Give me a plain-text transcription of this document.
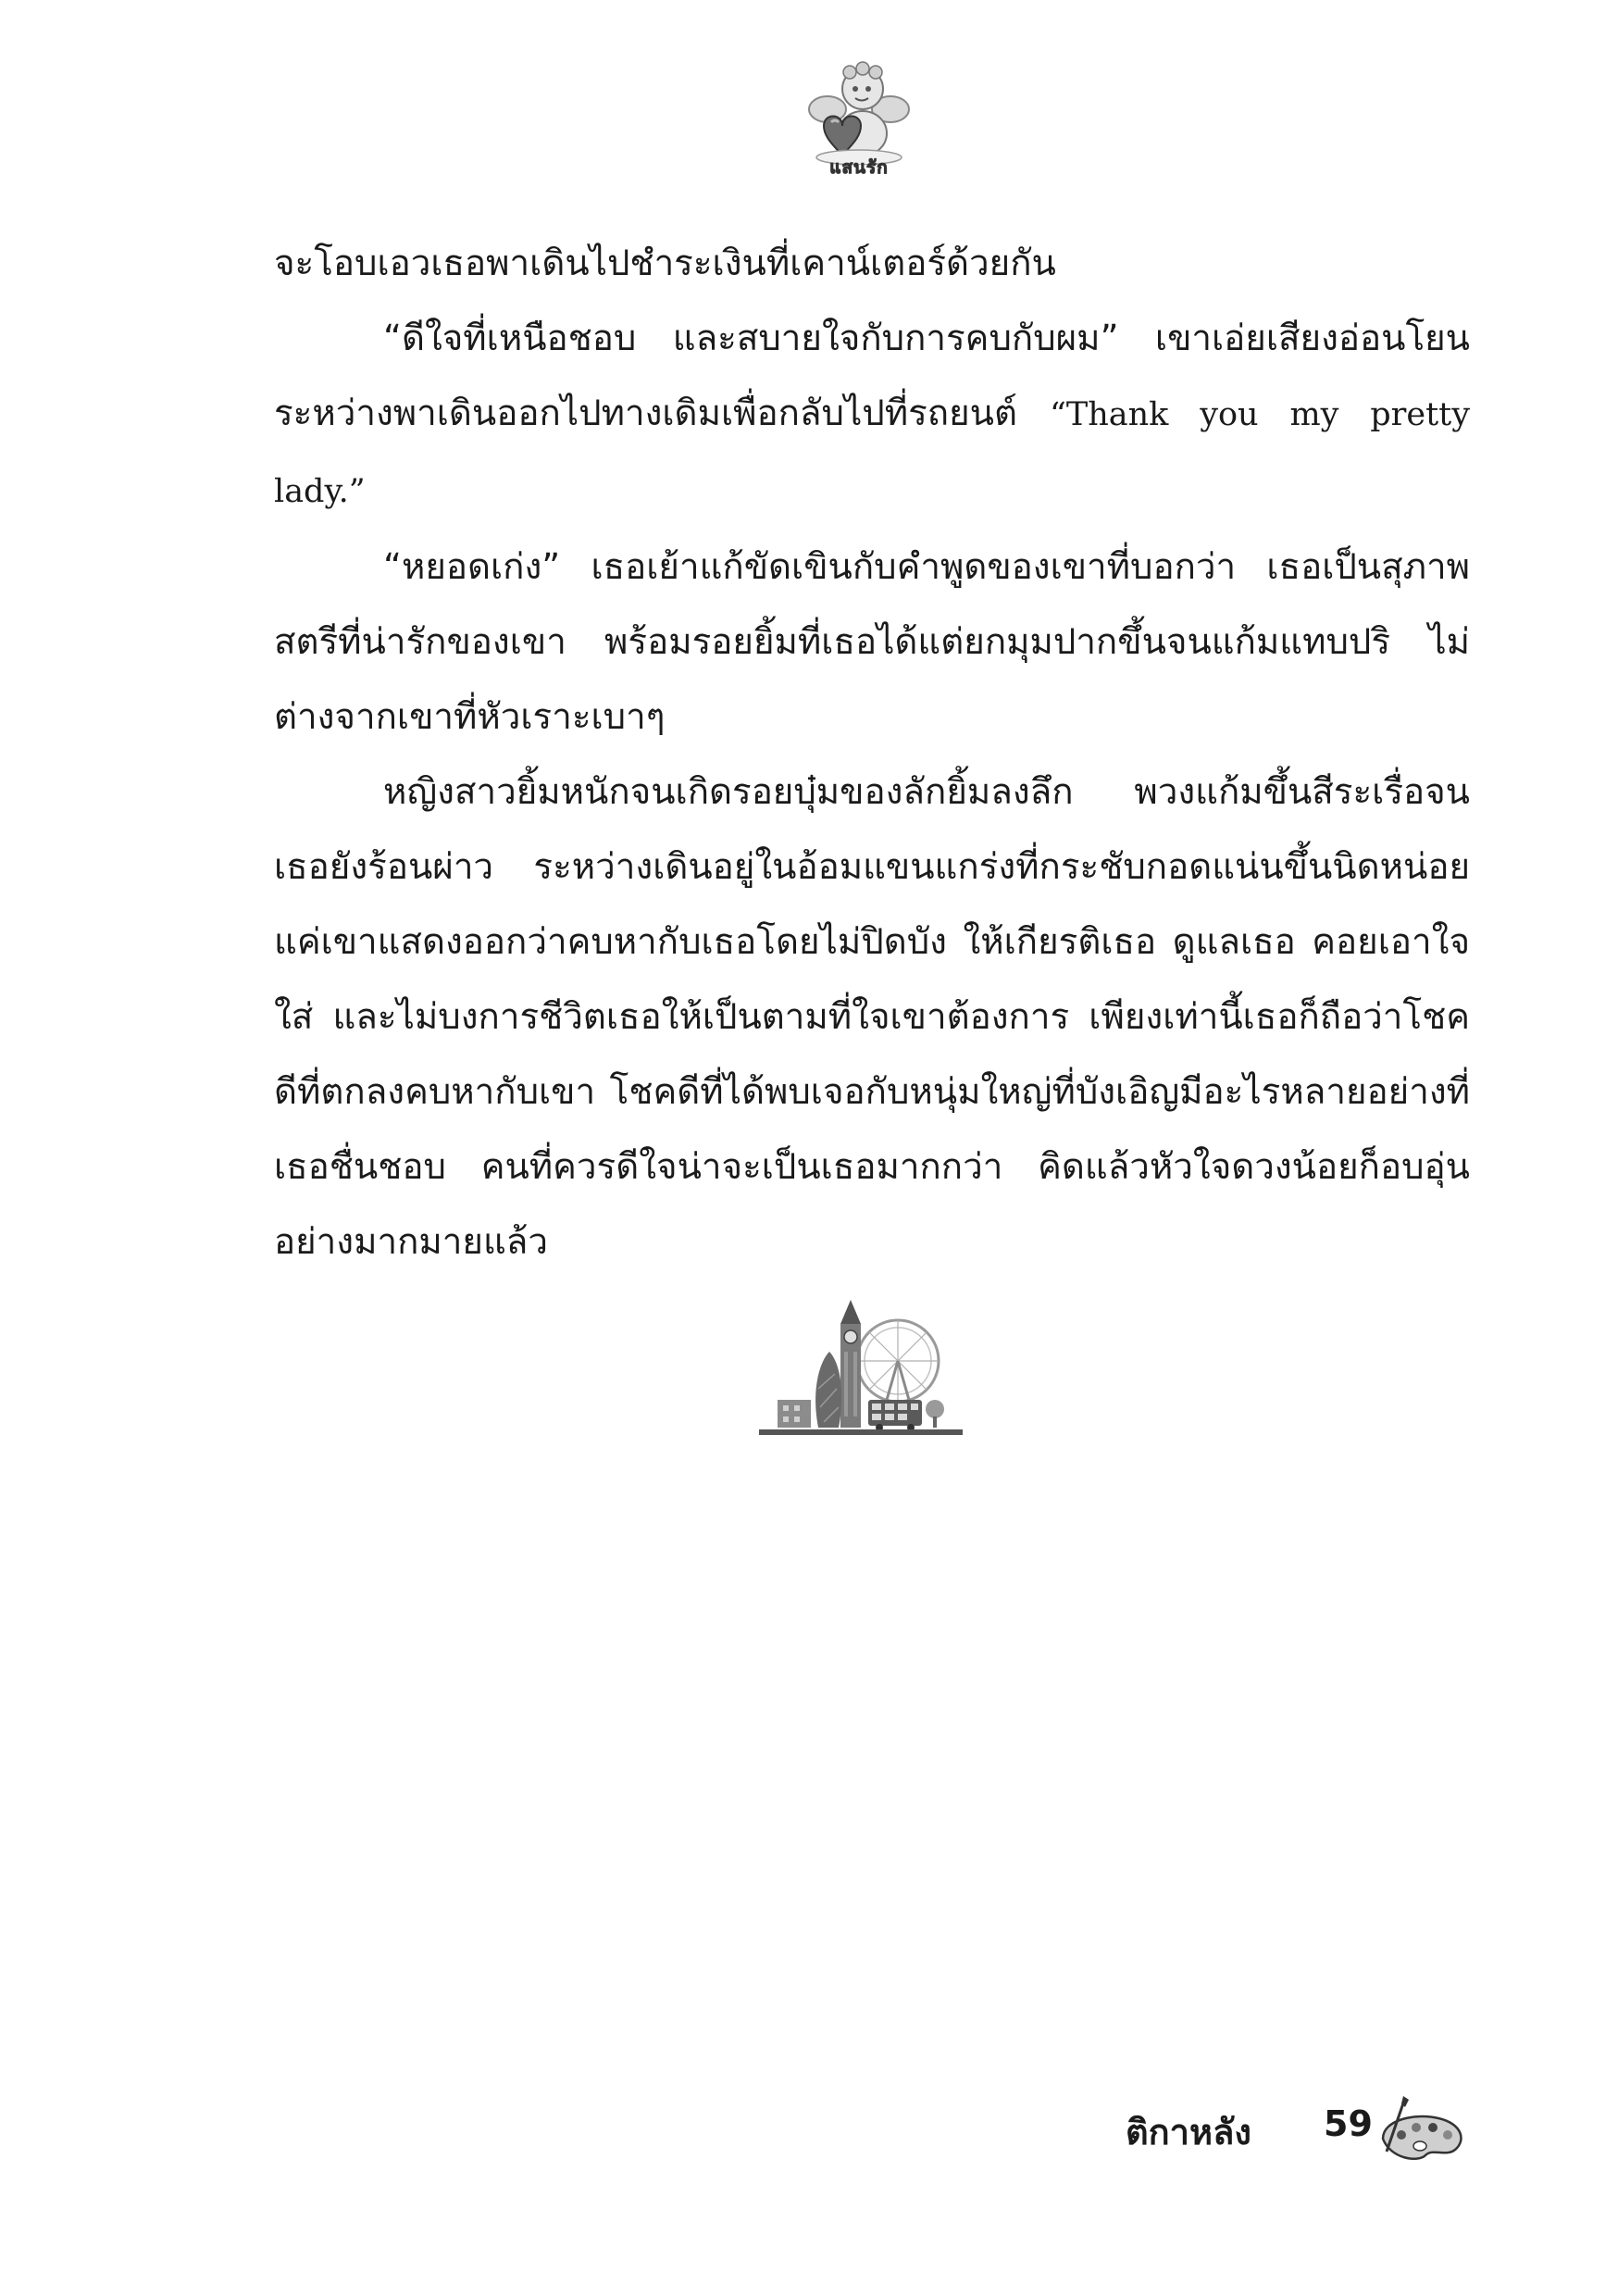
แสนรัก

จะโอบเอวเธอพาเดินไปชำระเงินที่เคาน์เตอร์ด้วยกัน

“ดีใจที่เหนือชอบ และสบายใจกับการคบกับผม” เขาเอ่ยเสียงอ่อนโยน ระหว่างพาเดินออกไปทางเดิมเพื่อกลับไปที่รถยนต์ “Thank you my pretty lady.”

“หยอดเก่ง” เธอเย้าแก้ขัดเขินกับคำพูดของเขาที่บอกว่า เธอเป็นสุภาพสตรีที่น่ารักของเขา พร้อมรอยยิ้มที่เธอได้แต่ยกมุมปากขึ้นจนแก้มแทบปริ ไม่ต่างจากเขาที่หัวเราะเบาๆ

หญิงสาวยิ้มหนักจนเกิดรอยบุ๋มของลักยิ้มลงลึก พวงแก้มขึ้นสีระเรื่อจนเธอยังร้อนผ่าว ระหว่างเดินอยู่ในอ้อมแขนแกร่งที่กระชับกอดแน่นขึ้นนิดหน่อย แค่เขาแสดงออกว่าคบหากับเธอโดยไม่ปิดบัง ให้เกียรติเธอ ดูแลเธอ คอยเอาใจใส่ และไม่บงการชีวิตเธอให้เป็นตามที่ใจเขาต้องการ เพียงเท่านี้เธอก็ถือว่าโชคดีที่ตกลงคบหากับเขา โชคดีที่ได้พบเจอกับหนุ่มใหญ่ที่บังเอิญมีอะไรหลายอย่างที่เธอชื่นชอบ คนที่ควรดีใจน่าจะเป็นเธอมากกว่า คิดแล้วหัวใจดวงน้อยก็อบอุ่นอย่างมากมายแล้ว

ติกาหลัง 59
